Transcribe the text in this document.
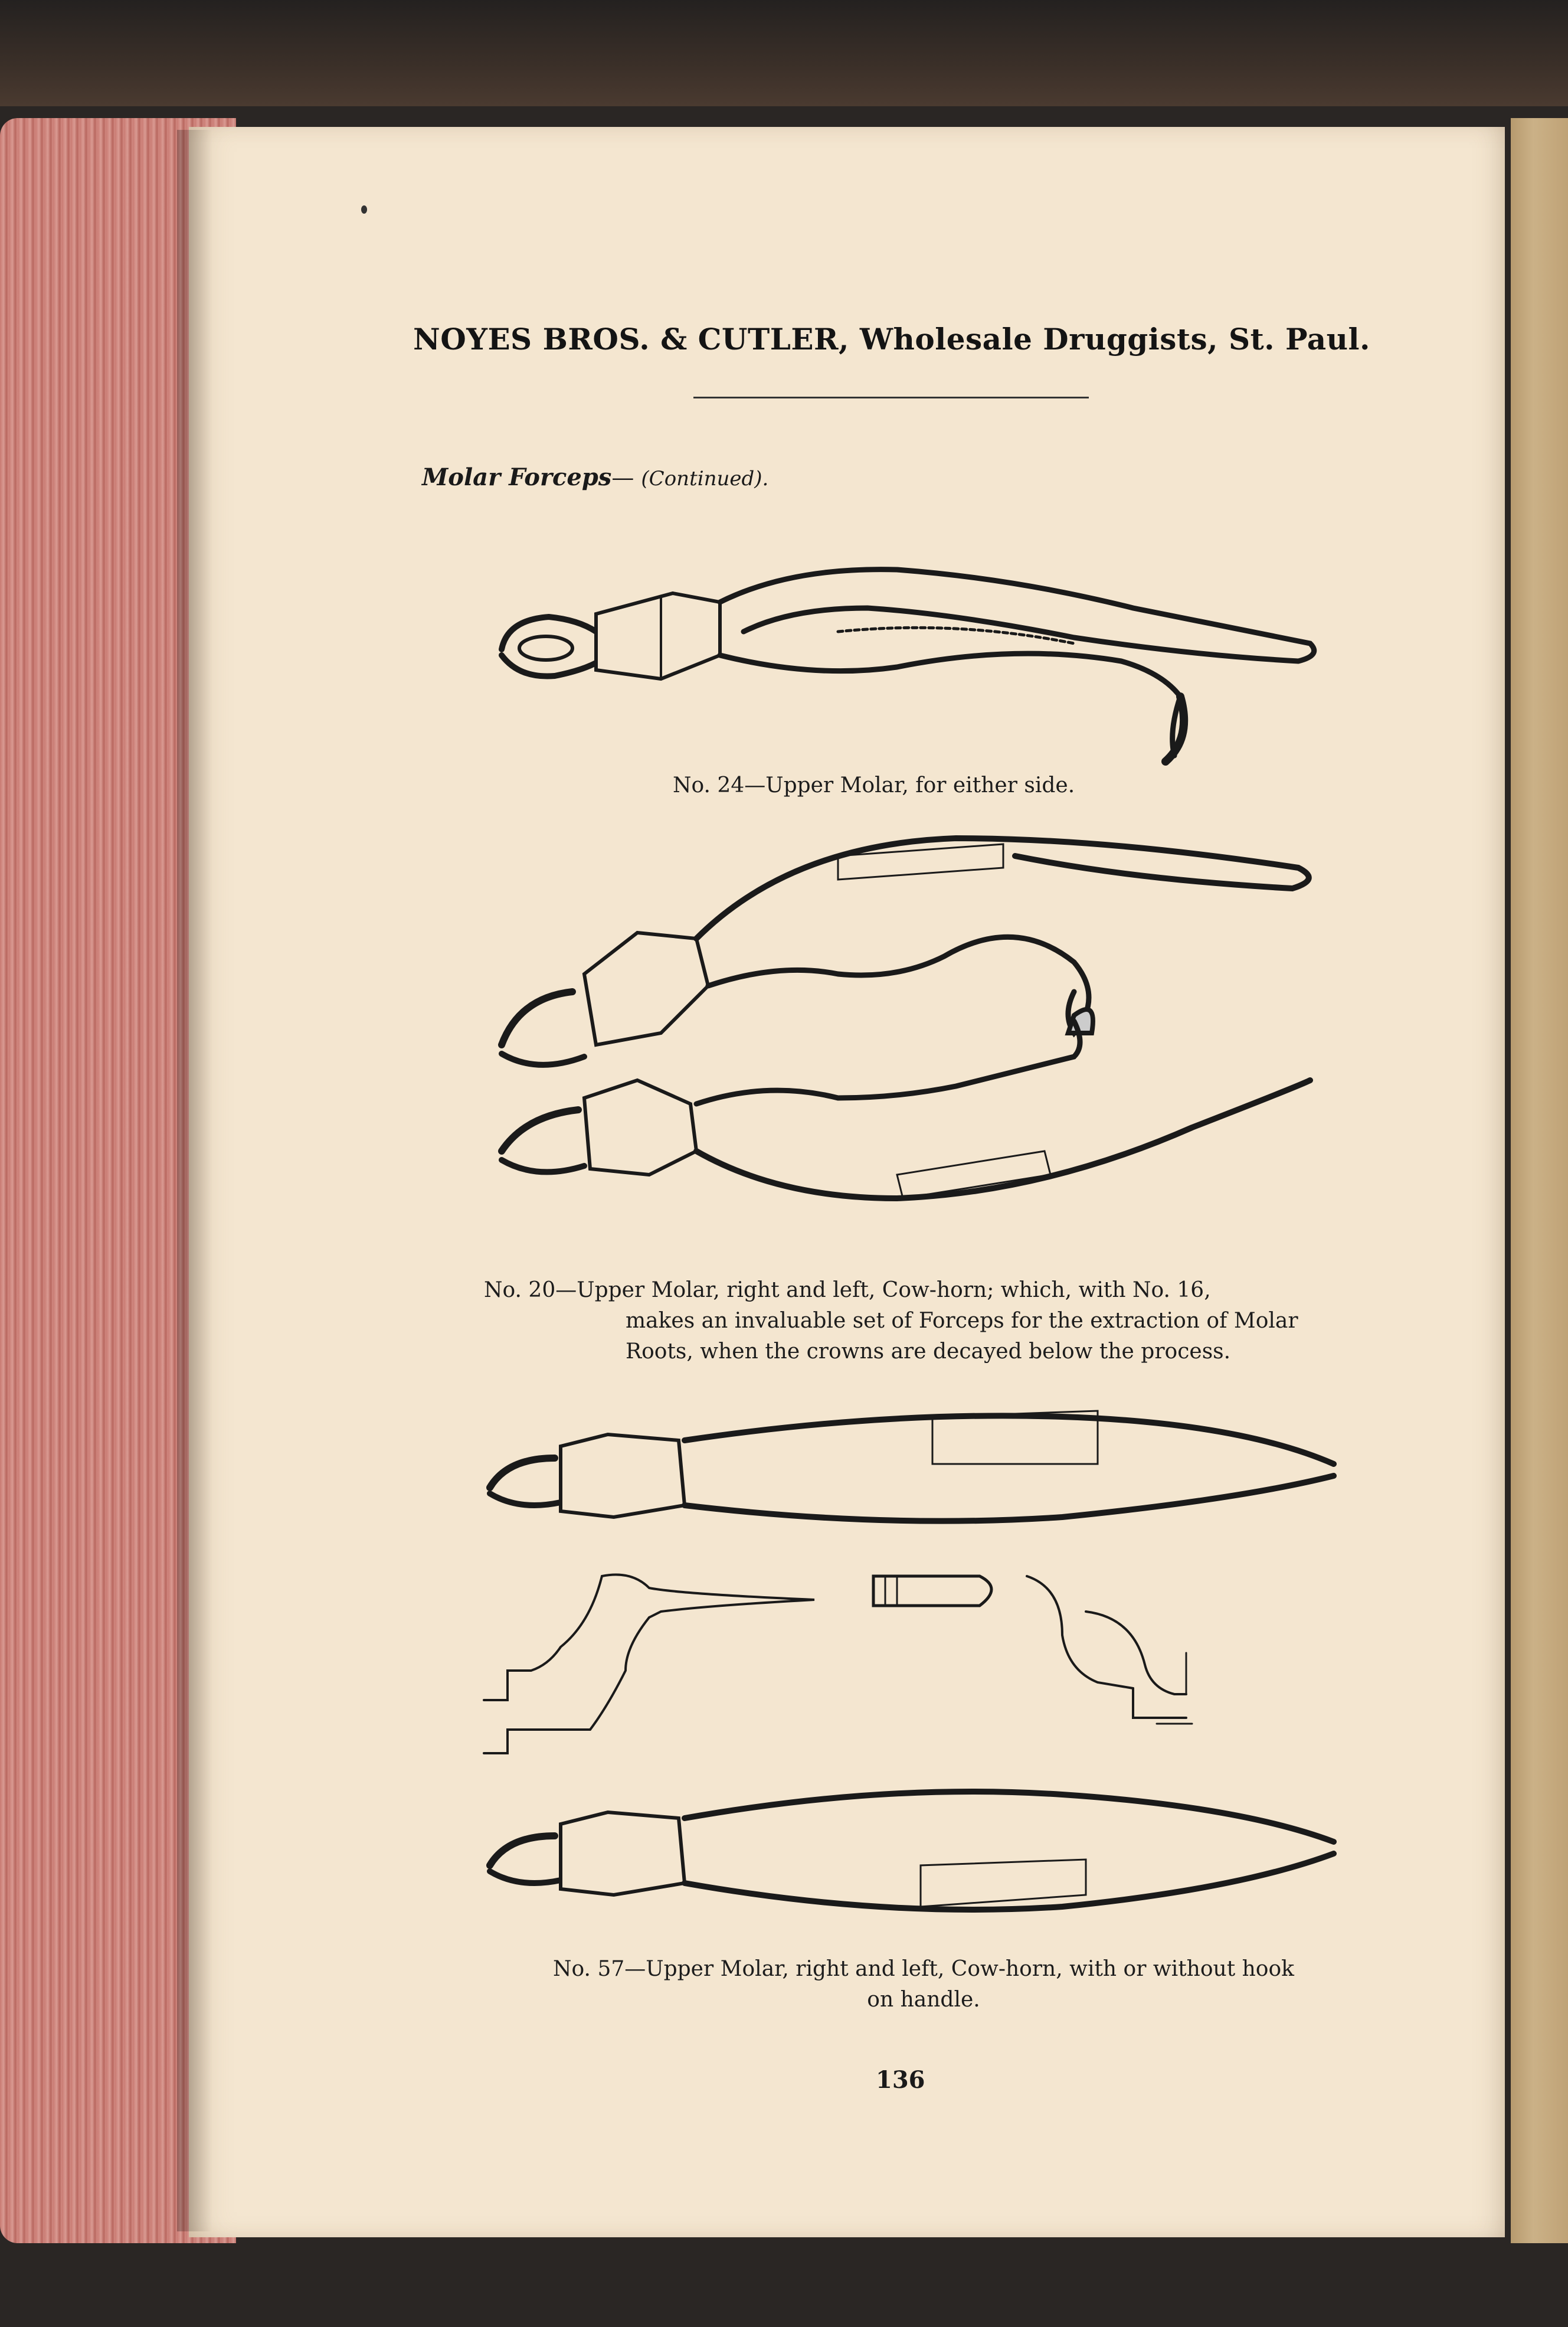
NOYES BROS. & CUTLER, Wholesale Druggists, St. Paul.
Molar Forceps— (Continued).
No. 24—Upper Molar, for either side.
No. 20—Upper Molar, right and left, Cow-horn; which, with No. 16,
makes an invaluable set of Forceps for the extraction of Molar Roots, when the crowns are decayed below the process.
No. 57—Upper Molar, right and left, Cow-horn, with or without hook
on handle.
136
